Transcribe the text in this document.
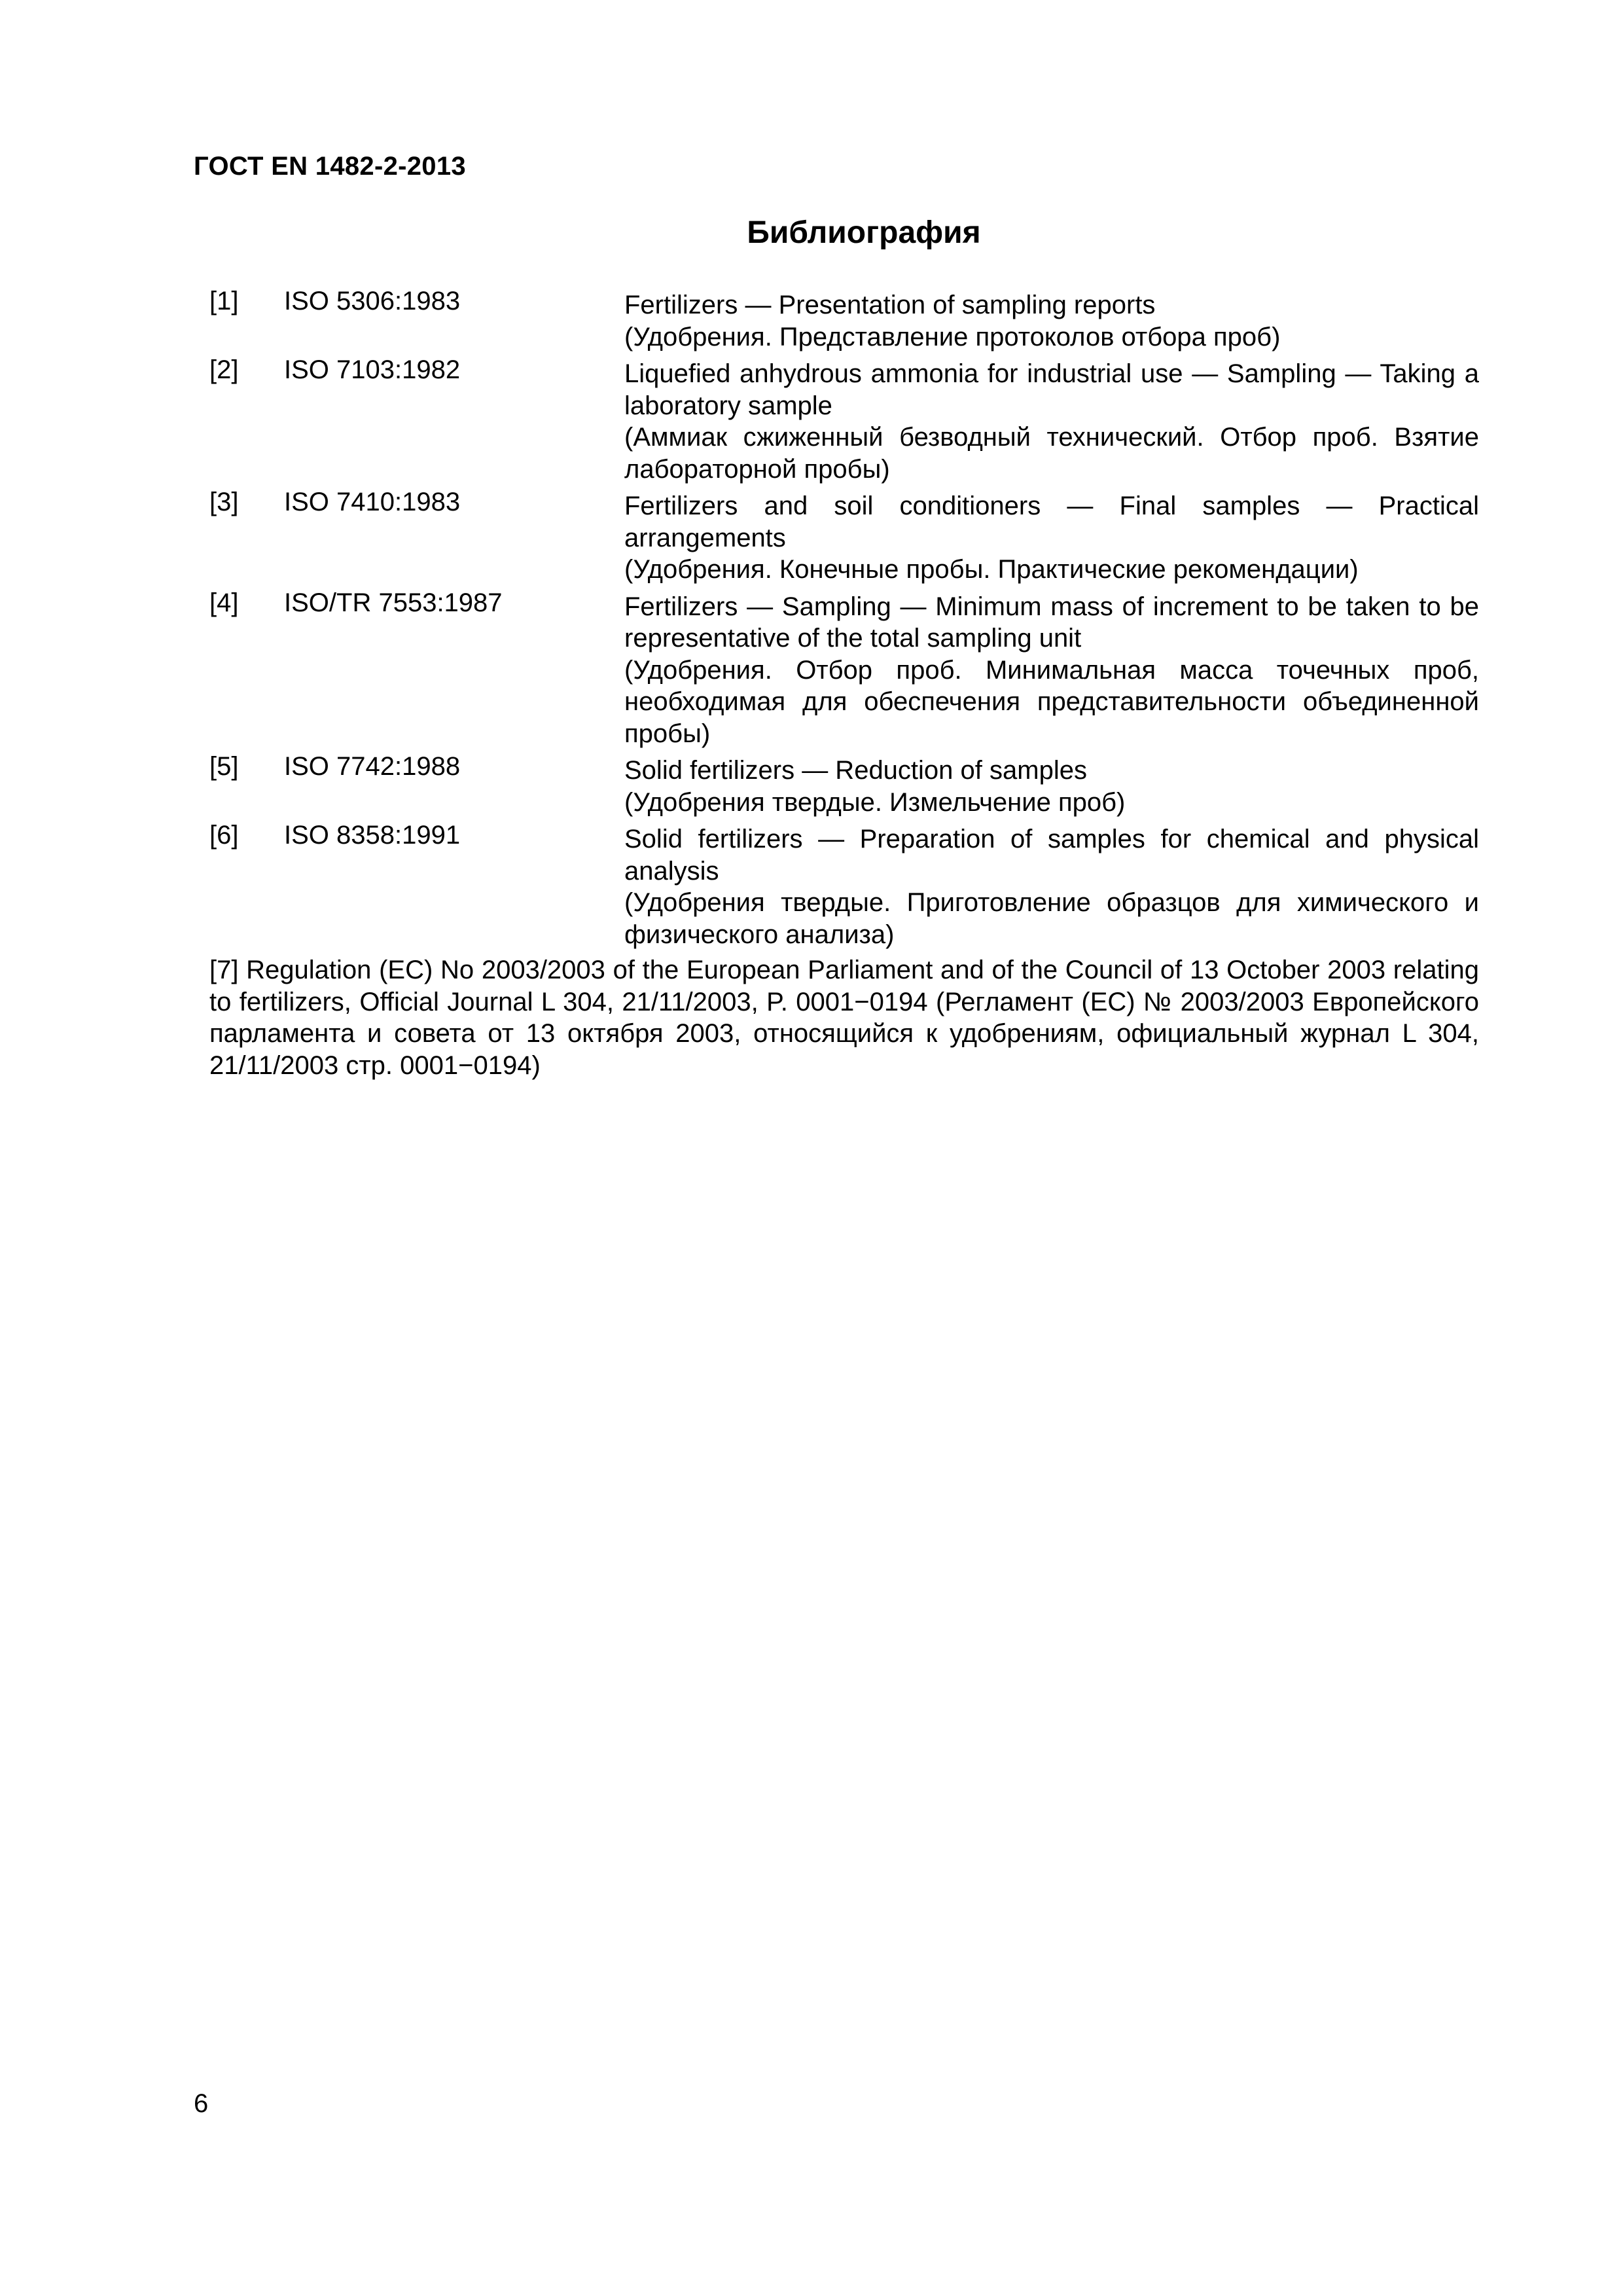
ГОСТ EN 1482-2-2013
Библиография
[1]	ISO 5306:1983	Fertilizers — Presentation of sampling reports
(Удобрения. Представление протоколов отбора проб)
[2]	ISO 7103:1982	Liquefied anhydrous ammonia for industrial use — Sampling — Taking a laboratory sample
(Аммиак сжиженный безводный технический. Отбор проб. Взятие лабораторной пробы)
[3]	ISO 7410:1983	Fertilizers and soil conditioners — Final samples — Practical arrangements
(Удобрения. Конечные пробы. Практические рекомендации)
[4]	ISO/TR 7553:1987	Fertilizers — Sampling — Minimum mass of increment to be taken to be representative of the total sampling unit
(Удобрения. Отбор проб. Минимальная масса точечных проб, необходимая для обеспечения представительности объединенной пробы)
[5]	ISO 7742:1988	Solid fertilizers — Reduction of samples
(Удобрения твердые. Измельчение проб)
[6]	ISO 8358:1991	Solid fertilizers — Preparation of samples for chemical and physical analysis
(Удобрения твердые. Приготовление образцов для химического и физического анализа)
[7] Regulation (EC) No 2003/2003 of the European Parliament and of the Council of 13 October 2003 relating to fertilizers, Official Journal L 304, 21/11/2003, P. 0001−0194 (Регламент (EC) № 2003/2003 Европейского парламента и совета от 13 октября 2003, относящийся к удобрениям, официальный журнал L 304, 21/11/2003 стр. 0001−0194)
6
